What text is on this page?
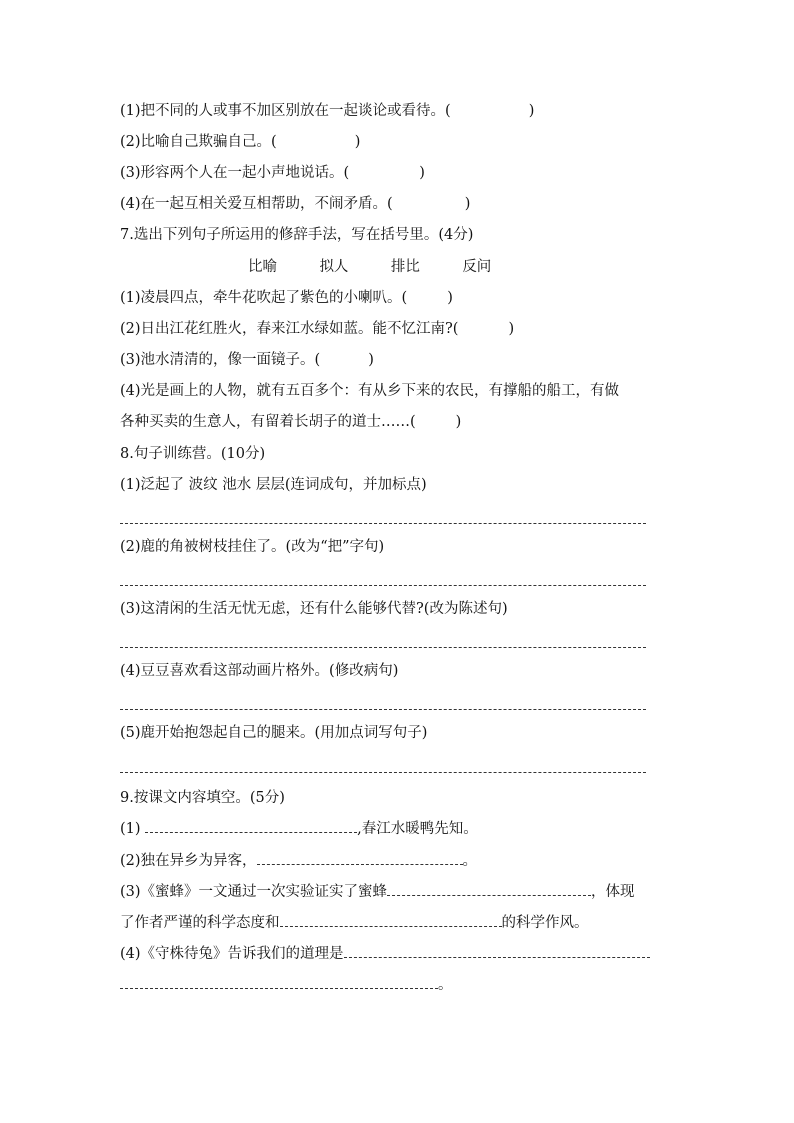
(1)把不同的人或事不加区别放在一起谈论或看待。(	)
(2)比喻自己欺骗自己。(	)
(3)形容两个人在一起小声地说话。(	)
(4)在一起互相关爱互相帮助，不闹矛盾。(	)
7.选出下列句子所运用的修辞手法，写在括号里。(4分)
比喻	拟人	排比	反问
(1)凌晨四点，牵牛花吹起了紫色的小喇叭。(	)
(2)日出江花红胜火，春来江水绿如蓝。能不忆江南?(	)
(3)池水清清的，像一面镜子。(	)
(4)光是画上的人物，就有五百多个：有从乡下来的农民，有撑船的船工，有做
各种买卖的生意人，有留着长胡子的道士……(	)
8.句子训练营。(10分)
(1)泛起了 波纹 池水 层层(连词成句，并加标点)
(2)鹿的角被树枝挂住了。(改为“把”字句)
(3)这清闲的生活无忧无虑，还有什么能够代替?(改为陈述句)
(4)豆豆喜欢看这部动画片格外。(修改病句)
(5)鹿开始抱怨起自己的腿来。(用加点词写句子)
9.按课文内容填空。(5分)
(1)	,春江水暖鸭先知。
(2)独在异乡为异客，	。
(3)《蜜蜂》一文通过一次实验证实了蜜蜂	，体现
了作者严谨的科学态度和	的科学作风。
(4)《守株待兔》告诉我们的道理是
。
